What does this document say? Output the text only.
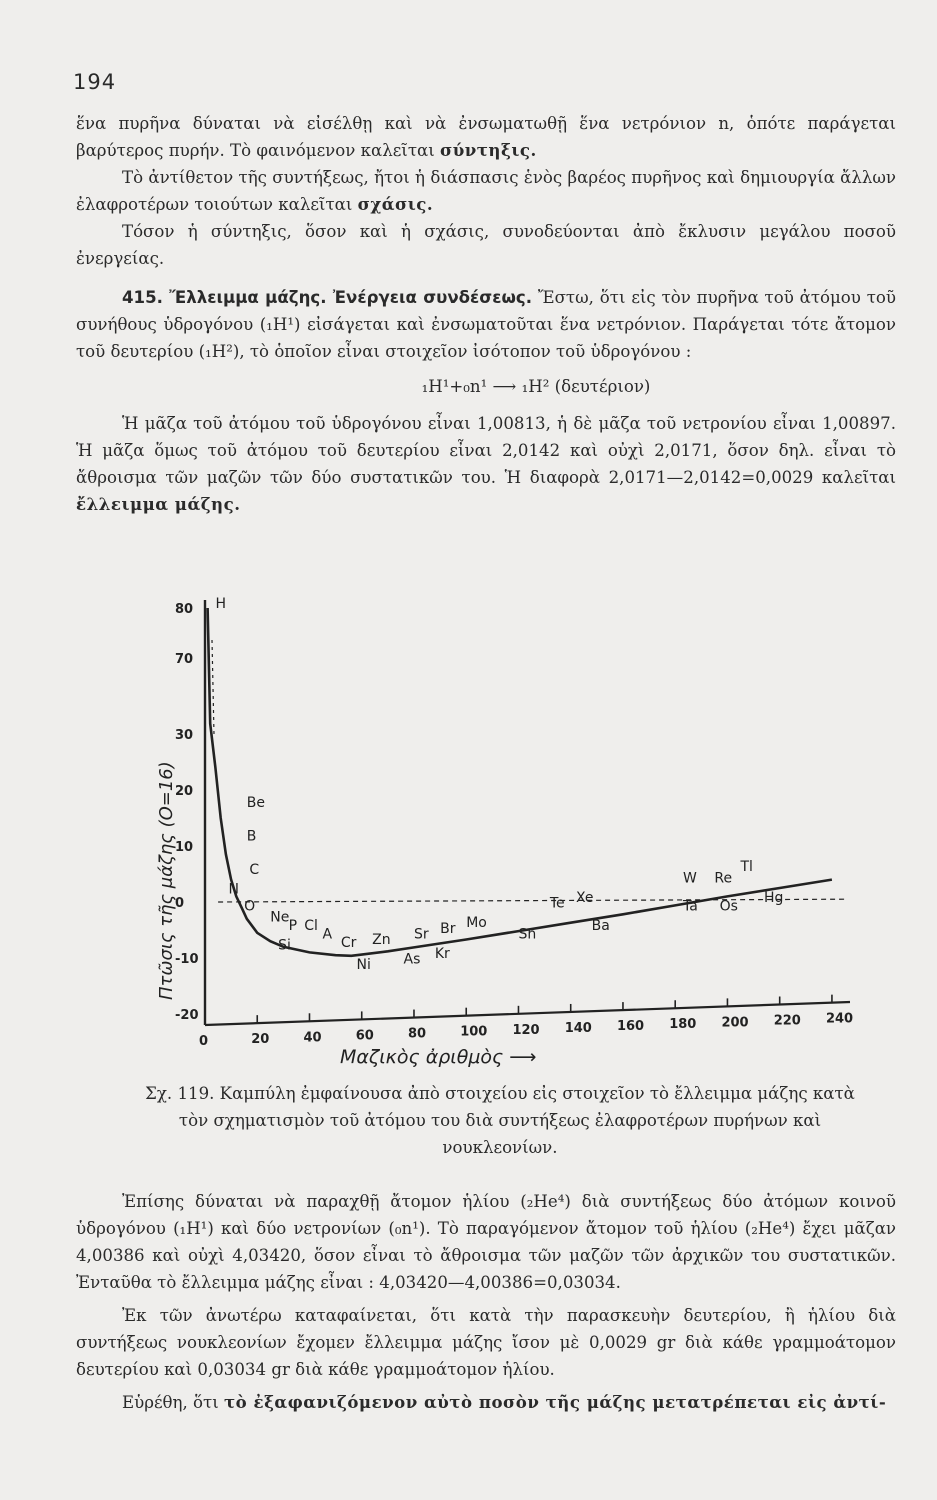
194

ἕνα πυρῆνα δύναται νὰ εἰσέλθῃ καὶ νὰ ἐνσωματωθῇ ἕνα νετρόνιον n, ὁπότε παράγεται βαρύτερος πυρήν. Τὸ φαινόμενον καλεῖται σύντηξις.

Τὸ ἀντίθετον τῆς συντήξεως, ἤτοι ἡ διάσπασις ἑνὸς βαρέος πυρῆνος καὶ δημιουργία ἄλλων ἐλαφροτέρων τοιούτων καλεῖται σχάσις.

Τόσον ἡ σύντηξις, ὅσον καὶ ἡ σχάσις, συνοδεύονται ἀπὸ ἔκλυσιν μεγάλου ποσοῦ ἐνεργείας.

415. Ἔλλειμμα μάζης. Ἐνέργεια συνδέσεως. Ἔστω, ὅτι εἰς τὸν πυρῆνα τοῦ ἀτόμου τοῦ συνήθους ὑδρογόνου (₁H¹) εἰσάγεται καὶ ἐνσωματοῦται ἕνα νετρόνιον. Παράγεται τότε ἄτομον τοῦ δευτερίου (₁H²), τὸ ὁποῖον εἶναι στοιχεῖον ἰσότοπον τοῦ ὑδρογόνου :

₁H¹+₀n¹ ⟶ ₁H² (δευτέριον)

Ἡ μᾶζα τοῦ ἀτόμου τοῦ ὑδρογόνου εἶναι 1,00813, ἡ δὲ μᾶζα τοῦ νετρονίου εἶναι 1,00897. Ἡ μᾶζα ὅμως τοῦ ἀτόμου τοῦ δευτερίου εἶναι 2,0142 καὶ οὐχὶ 2,0171, ὅσον δηλ. εἶναι τὸ ἄθροισμα τῶν μαζῶν τῶν δύο συστατικῶν του. Ἡ διαφορὰ 2,0171—2,0142=0,0029 καλεῖται ἔλλειμμα μάζης.

0	20	40	60	80	100 120 140 160 180 200 220 240
80
70
30
20
10
0
-10
-20
H
Be
B
C
N
O
Si
Ne
P Cl
A
Cr Zn Sr Br Mo
Ni As Kr
Te Xe
Sn
Ba
W Re
Tl
Ta Os
Hg
Πτῶσις τῆς μάζης (O=16)
Μαζικὸς ἀριθμὸς ⟶
Σχ. 119. Καμπύλη ἐμφαίνουσα ἀπὸ στοιχείου εἰς στοιχεῖον τὸ ἔλλειμμα μάζης κατὰ τὸν σχηματισμὸν τοῦ ἀτόμου του διὰ συντήξεως ἐλαφροτέρων πυρήνων καὶ νουκλεονίων.

Ἐπίσης δύναται νὰ παραχθῇ ἄτομον ἡλίου (₂He⁴) διὰ συντήξεως δύο ἀτόμων κοινοῦ ὑδρογόνου (₁H¹) καὶ δύο νετρονίων (₀n¹). Τὸ παραγόμενον ἄτομον τοῦ ἡλίου (₂He⁴) ἔχει μᾶζαν 4,00386 καὶ οὐχὶ 4,03420, ὅσον εἶναι τὸ ἄθροισμα τῶν μαζῶν τῶν ἀρχικῶν του συστατικῶν. Ἐνταῦθα τὸ ἔλλειμμα μάζης εἶναι : 4,03420—4,00386=0,03034.

Ἐκ τῶν ἀνωτέρω καταφαίνεται, ὅτι κατὰ τὴν παρασκευὴν δευτερίου, ἢ ἡλίου διὰ συντήξεως νουκλεονίων ἔχομεν ἔλλειμμα μάζης ἴσον μὲ 0,0029 gr διὰ κάθε γραμμοάτομον δευτερίου καὶ 0,03034 gr διὰ κάθε γραμμοάτομον ἡλίου.

Εὑρέθη, ὅτι τὸ ἐξαφανιζόμενον αὐτὸ ποσὸν τῆς μάζης μετατρέπεται εἰς ἀντί-
